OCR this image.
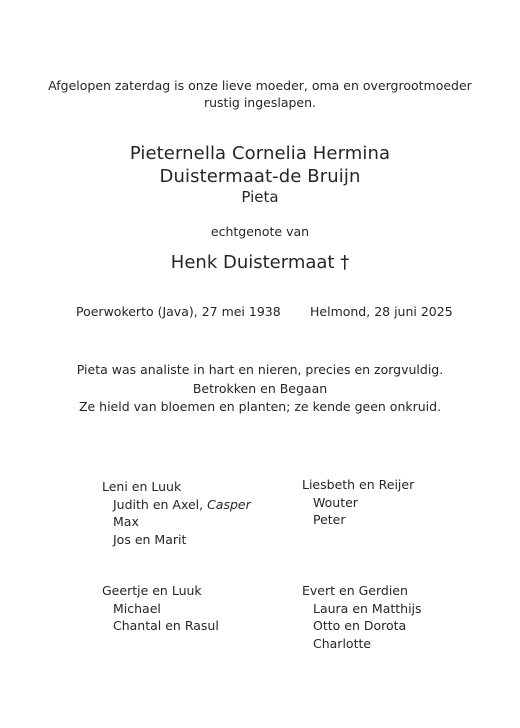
Afgelopen zaterdag is onze lieve moeder, oma en overgrootmoeder
rustig ingeslapen.
Pieternella Cornelia Hermina
Duistermaat-de Bruijn
Pieta
echtgenote van
Henk Duistermaat †
Poerwokerto (Java), 27 mei 1938 Helmond, 28 juni 2025
Pieta was analiste in hart en nieren, precies en zorgvuldig.
Betrokken en Begaan
Ze hield van bloemen en planten; ze kende geen onkruid.
Leni en Luuk
Judith en Axel, Casper
Max
Jos en Marit
Liesbeth en Reijer
Wouter
Peter
Geertje en Luuk
Michael
Chantal en Rasul
Evert en Gerdien
Laura en Matthijs
Otto en Dorota
Charlotte
